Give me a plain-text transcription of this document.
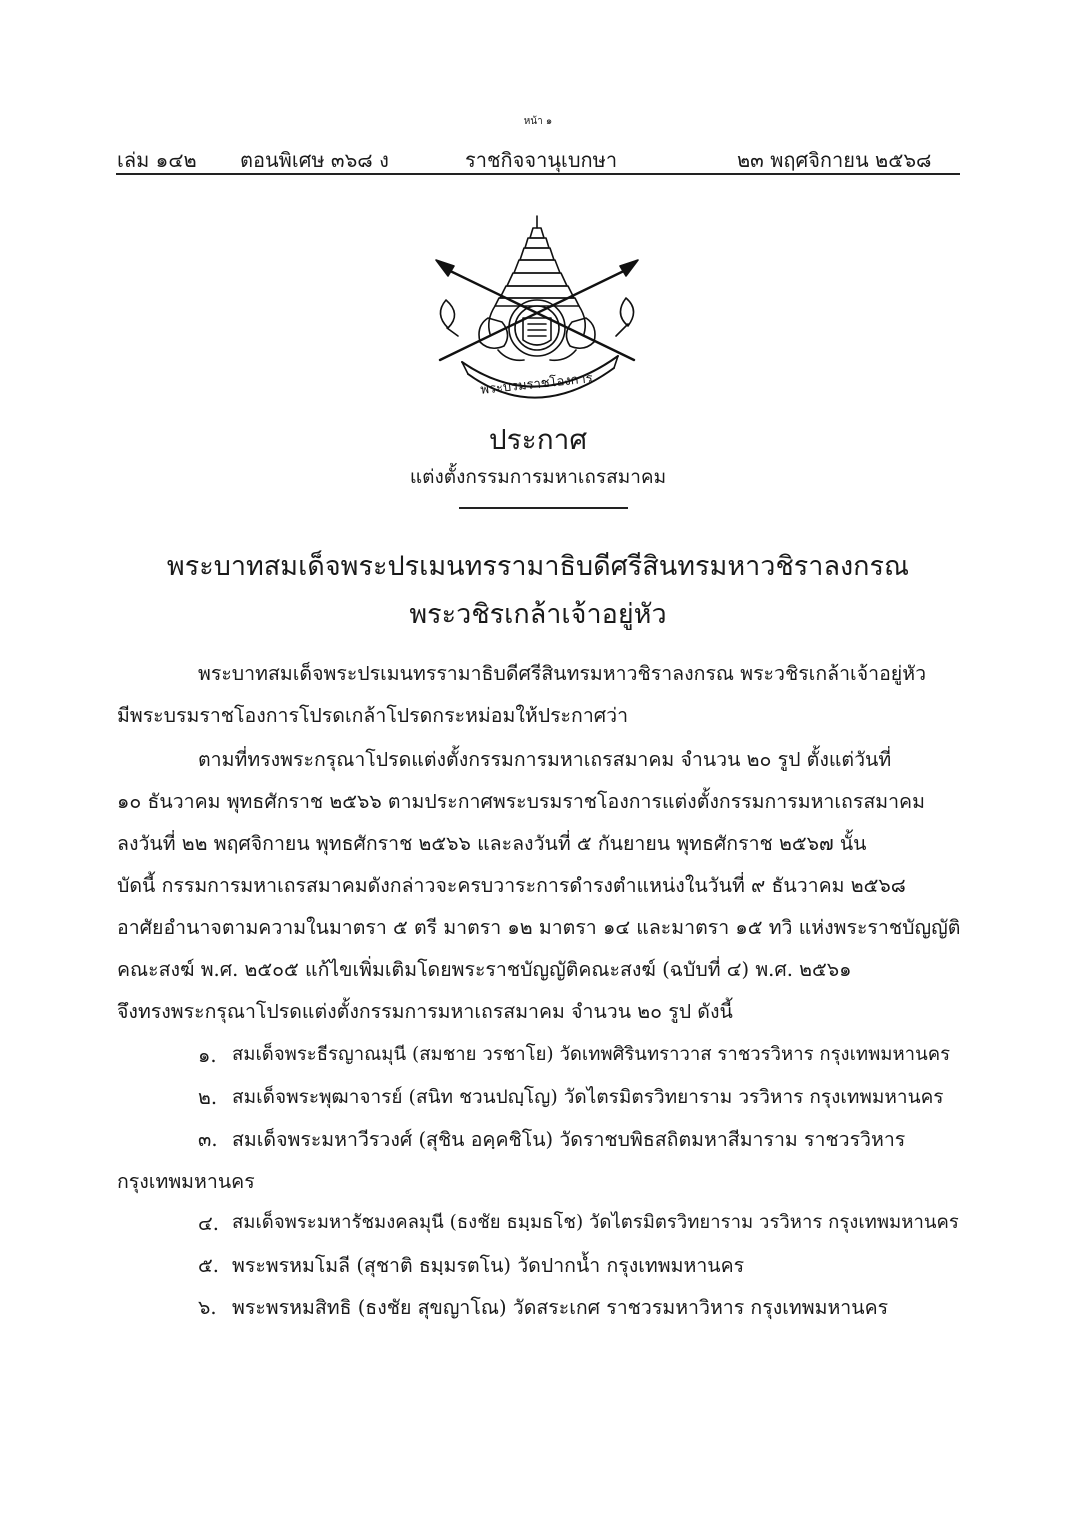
หน้า ๑
เล่ม ๑๔๒ ตอนพิเศษ ๓๖๘ ง	ราชกิจจานุเบกษา	๒๓ พฤศจิกายน ๒๕๖๘
พระบรมราชโองการ
ประกาศ
แต่งตั้งกรรมการมหาเถรสมาคม
พระบาทสมเด็จพระปรเมนทรรามาธิบดีศรีสินทรมหาวชิราลงกรณ
พระวชิรเกล้าเจ้าอยู่หัว
พระบาทสมเด็จพระปรเมนทรรามาธิบดีศรีสินทรมหาวชิราลงกรณ พระวชิรเกล้าเจ้าอยู่หัว
มีพระบรมราชโองการโปรดเกล้าโปรดกระหม่อมให้ประกาศว่า
ตามที่ทรงพระกรุณาโปรดแต่งตั้งกรรมการมหาเถรสมาคม จำนวน ๒๐ รูป ตั้งแต่วันที่
๑๐ ธันวาคม พุทธศักราช ๒๕๖๖ ตามประกาศพระบรมราชโองการแต่งตั้งกรรมการมหาเถรสมาคม
ลงวันที่ ๒๒ พฤศจิกายน พุทธศักราช ๒๕๖๖ และลงวันที่ ๕ กันยายน พุทธศักราช ๒๕๖๗ นั้น
บัดนี้ กรรมการมหาเถรสมาคมดังกล่าวจะครบวาระการดำรงตำแหน่งในวันที่ ๙ ธันวาคม ๒๕๖๘
อาศัยอำนาจตามความในมาตรา ๕ ตรี มาตรา ๑๒ มาตรา ๑๔ และมาตรา ๑๕ ทวิ แห่งพระราชบัญญัติ
คณะสงฆ์ พ.ศ. ๒๕๐๕ แก้ไขเพิ่มเติมโดยพระราชบัญญัติคณะสงฆ์ (ฉบับที่ ๔) พ.ศ. ๒๕๖๑
จึงทรงพระกรุณาโปรดแต่งตั้งกรรมการมหาเถรสมาคม จำนวน ๒๐ รูป ดังนี้
๑. สมเด็จพระธีรญาณมุนี (สมชาย วรชาโย) วัดเทพศิรินทราวาส ราชวรวิหาร กรุงเทพมหานคร
๒. สมเด็จพระพุฒาจารย์ (สนิท ชวนปญฺโญ) วัดไตรมิตรวิทยาราม วรวิหาร กรุงเทพมหานคร
๓. สมเด็จพระมหาวีรวงศ์ (สุชิน อคฺคชิโน) วัดราชบพิธสถิตมหาสีมาราม ราชวรวิหาร
กรุงเทพมหานคร
๔. สมเด็จพระมหารัชมงคลมุนี (ธงชัย ธมฺมธโช) วัดไตรมิตรวิทยาราม วรวิหาร กรุงเทพมหานคร
๕. พระพรหมโมลี (สุชาติ ธมฺมรตโน) วัดปากน้ำ กรุงเทพมหานคร
๖. พระพรหมสิทธิ (ธงชัย สุขญาโณ) วัดสระเกศ ราชวรมหาวิหาร กรุงเทพมหานคร
